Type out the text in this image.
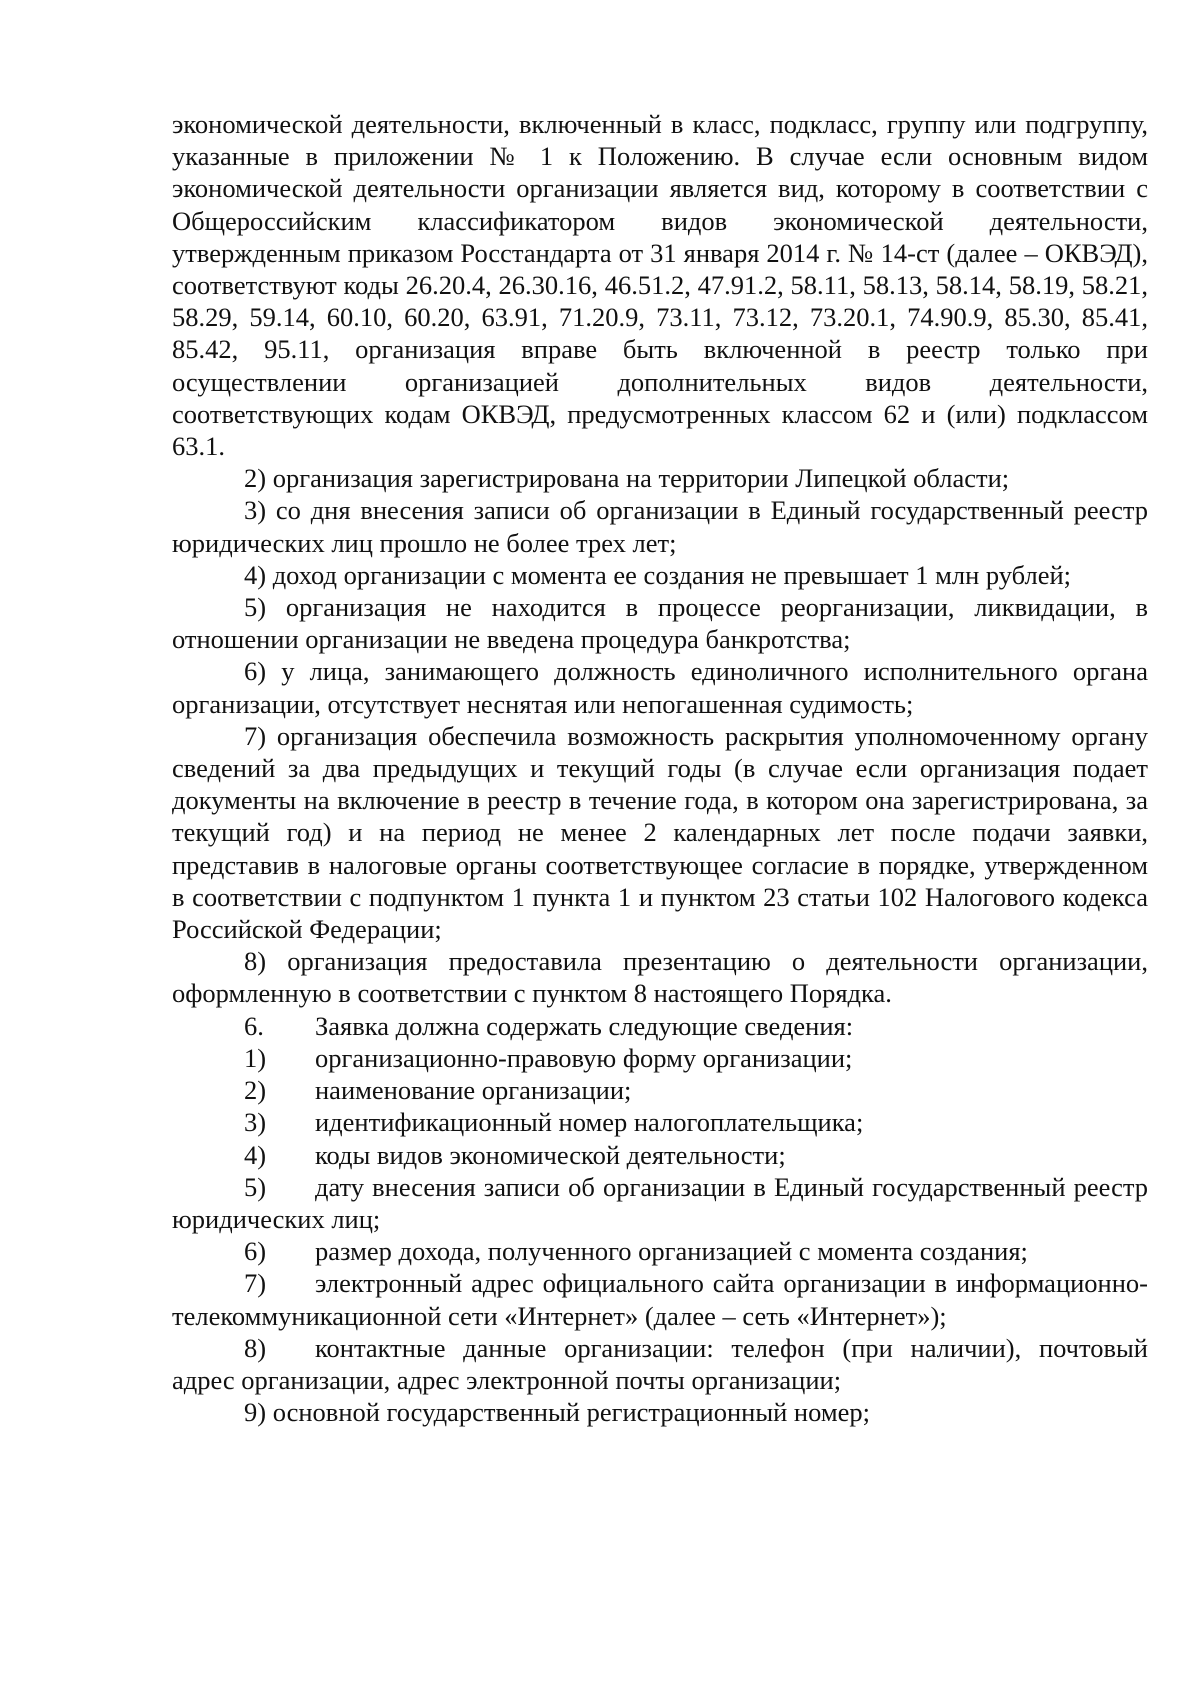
экономической деятельности, включенный в класс, подкласс, группу или подгруппу, указанные в приложении № 1 к Положению. В случае если основным видом экономической деятельности организации является вид, которому в соответствии с Общероссийским классификатором видов экономической деятельности, утвержденным приказом Росстандарта от 31 января 2014 г. № 14-ст (далее – ОКВЭД), соответствуют коды 26.20.4, 26.30.16, 46.51.2, 47.91.2, 58.11, 58.13, 58.14, 58.19, 58.21, 58.29, 59.14, 60.10, 60.20, 63.91, 71.20.9, 73.11, 73.12, 73.20.1, 74.90.9, 85.30, 85.41, 85.42, 95.11, организация вправе быть включенной в реестр только при осуществлении организацией дополнительных видов деятельности, соответствующих кодам ОКВЭД, предусмотренных классом 62 и (или) подклассом 63.1.

2) организация зарегистрирована на территории Липецкой области;

3) со дня внесения записи об организации в Единый государственный реестр юридических лиц прошло не более трех лет;

4) доход организации с момента ее создания не превышает 1 млн рублей;

5) организация не находится в процессе реорганизации, ликвидации, в отношении организации не введена процедура банкротства;

6) у лица, занимающего должность единоличного исполнительного органа организации, отсутствует неснятая или непогашенная судимость;

7) организация обеспечила возможность раскрытия уполномоченному органу сведений за два предыдущих и текущий годы (в случае если организация подает документы на включение в реестр в течение года, в котором она зарегистрирована, за текущий год) и на период не менее 2 календарных лет после подачи заявки, представив в налоговые органы соответствующее согласие в порядке, утвержденном в соответствии с подпунктом 1 пункта 1 и пунктом 23 статьи 102 Налогового кодекса Российской Федерации;

8) организация предоставила презентацию о деятельности организации, оформленную в соответствии с пунктом 8 настоящего Порядка.

6. Заявка должна содержать следующие сведения:

1) организационно-правовую форму организации;

2) наименование организации;

3) идентификационный номер налогоплательщика;

4) коды видов экономической деятельности;

5) дату внесения записи об организации в Единый государственный реестр юридических лиц;

6) размер дохода, полученного организацией с момента создания;

7) электронный адрес официального сайта организации в информационно-телекоммуникационной сети «Интернет» (далее – сеть «Интернет»);

8) контактные данные организации: телефон (при наличии), почтовый адрес организации, адрес электронной почты организации;

9) основной государственный регистрационный номер;
